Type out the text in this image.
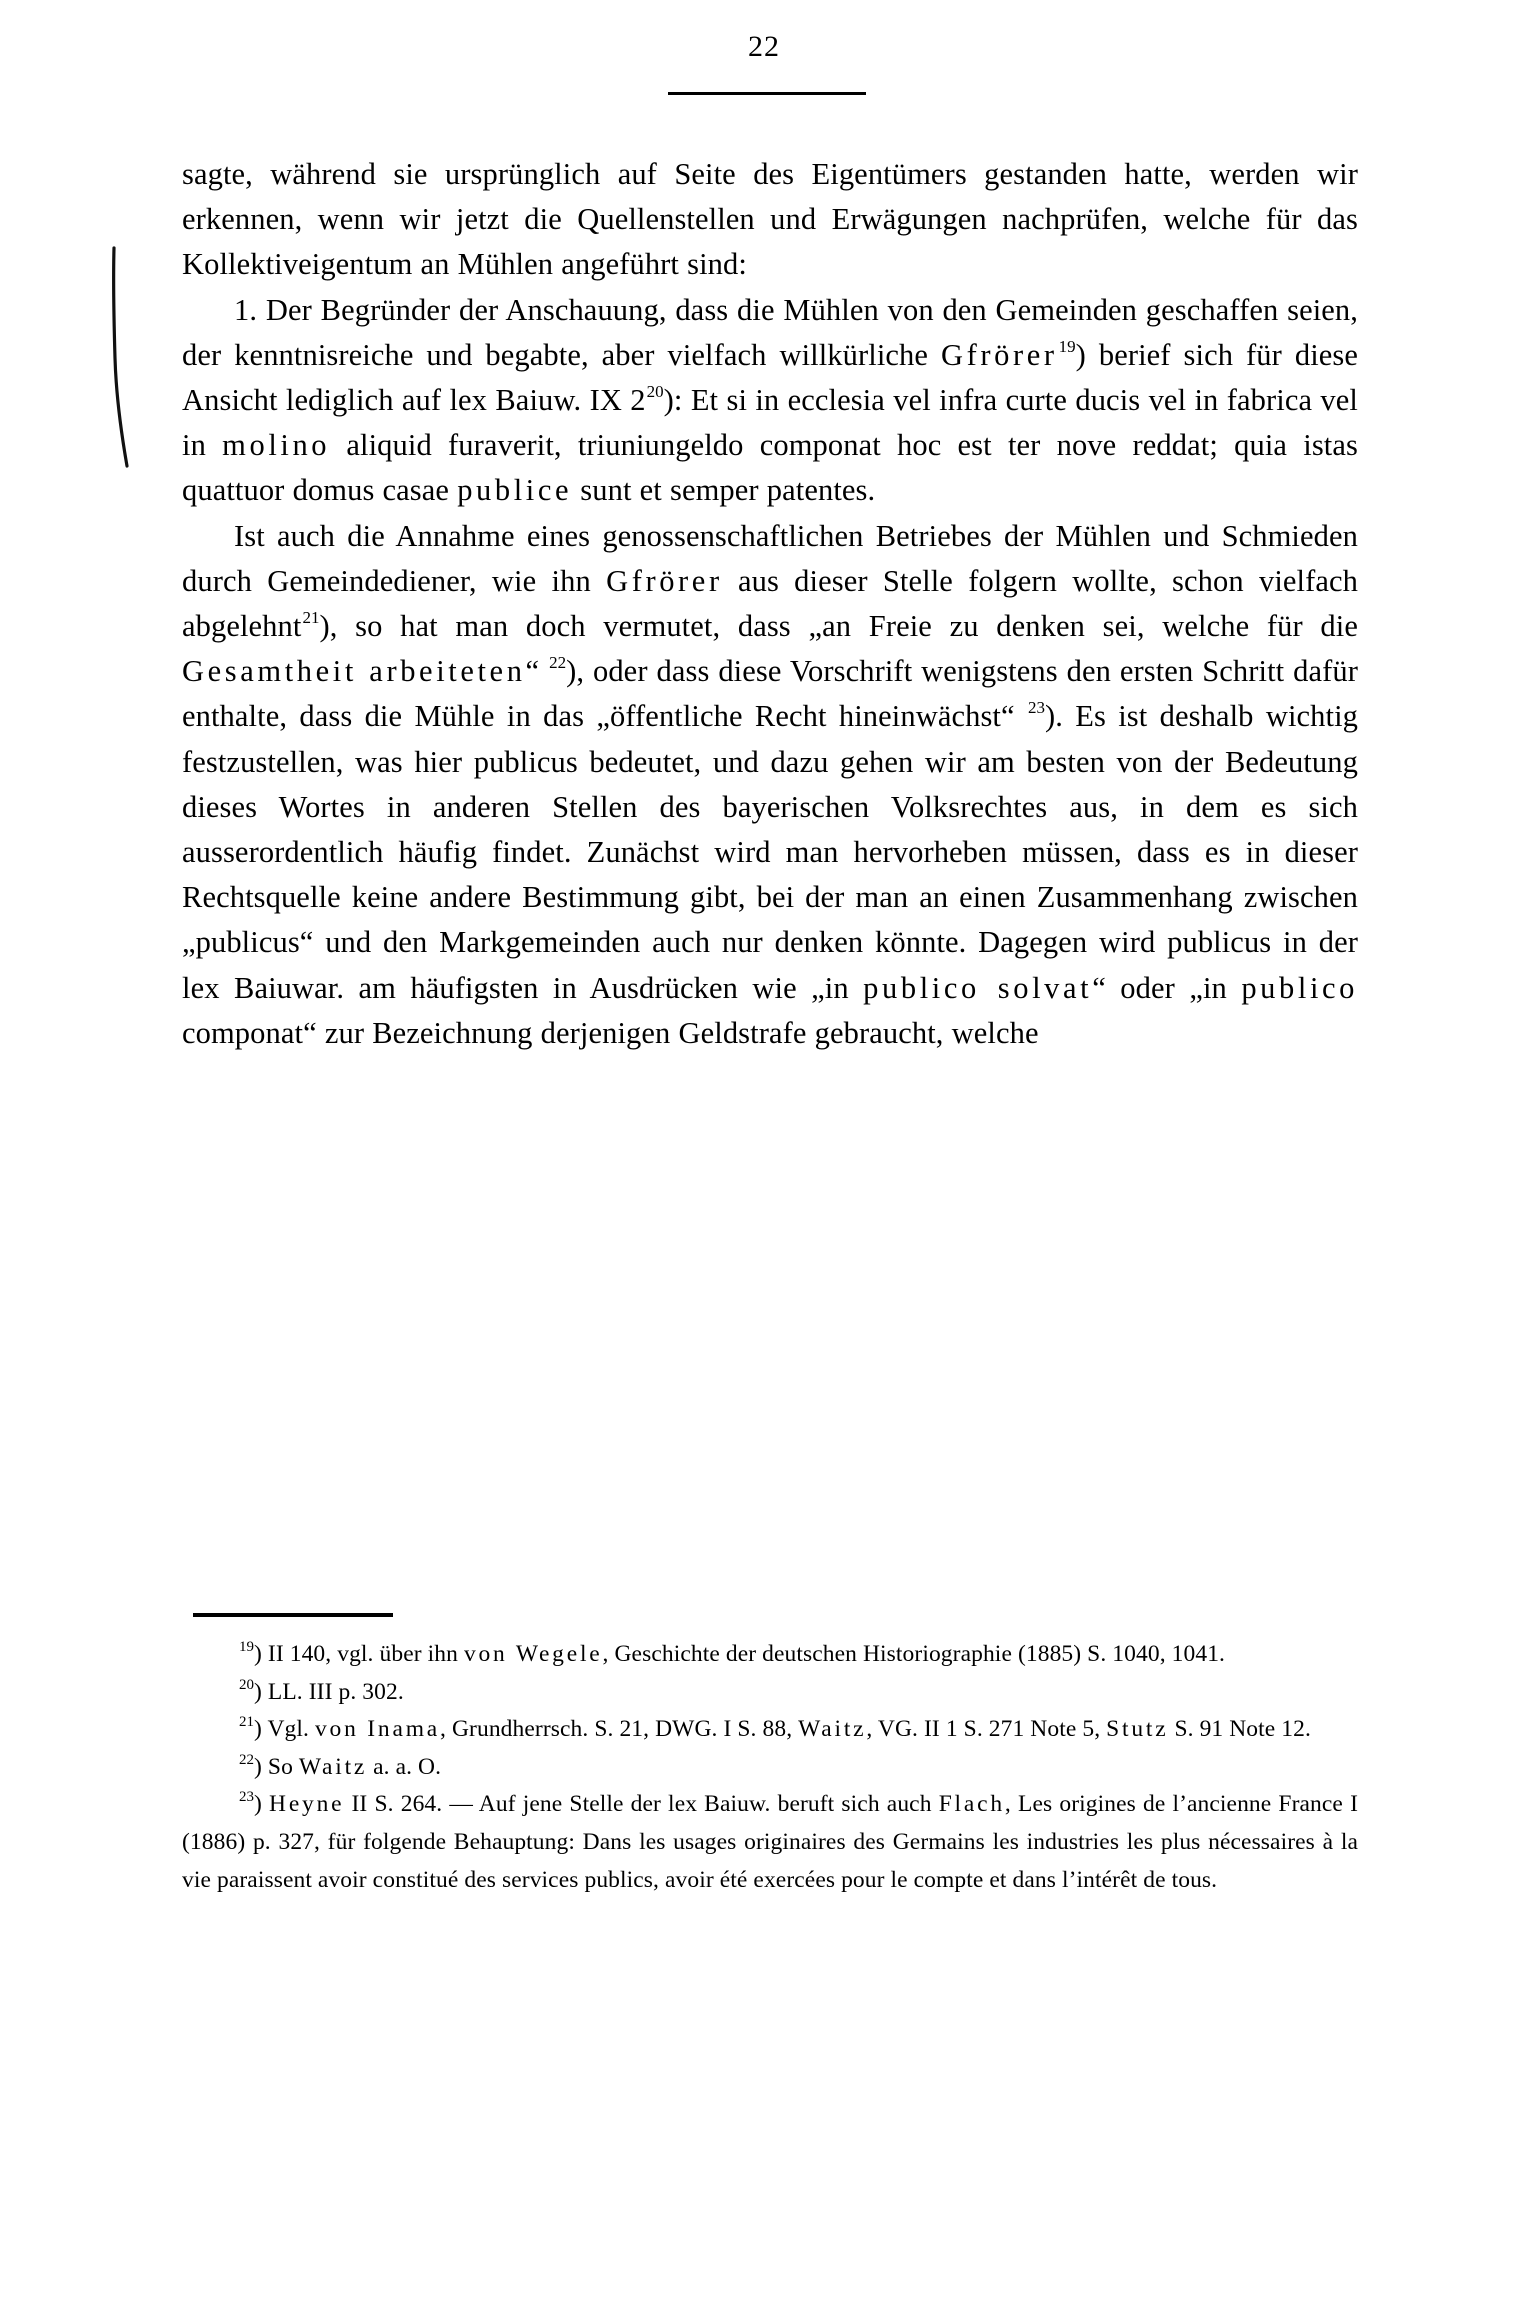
22

sagte, während sie ursprünglich auf Seite des Eigentümers gestanden hatte, werden wir erkennen, wenn wir jetzt die Quellenstellen und Erwägungen nachprüfen, welche für das Kollektiveigentum an Mühlen angeführt sind:

1. Der Begründer der Anschauung, dass die Mühlen von den Gemeinden geschaffen seien, der kenntnisreiche und begabte, aber vielfach willkürliche Gfrörer$^{19}$) berief sich für diese Ansicht lediglich auf lex Baiuw. IX 2$^{20}$): Et si in ecclesia vel infra curte ducis vel in fabrica vel in molino aliquid furaverit, triuniungeldo componat hoc est ter nove reddat; quia istas quattuor domus casae publice sunt et semper patentes.

Ist auch die Annahme eines genossenschaftlichen Betriebes der Mühlen und Schmieden durch Gemeindediener, wie ihn Gfrörer aus dieser Stelle folgern wollte, schon vielfach abgelehnt$^{21}$), so hat man doch vermutet, dass „an Freie zu denken sei, welche für die Gesamtheit arbeiteten“ $^{22}$), oder dass diese Vorschrift wenigstens den ersten Schritt dafür enthalte, dass die Mühle in das „öffentliche Recht hineinwächst“ $^{23}$). Es ist deshalb wichtig festzustellen, was hier publicus bedeutet, und dazu gehen wir am besten von der Bedeutung dieses Wortes in anderen Stellen des bayerischen Volksrechtes aus, in dem es sich ausserordentlich häufig findet. Zunächst wird man hervorheben müssen, dass es in dieser Rechtsquelle keine andere Bestimmung gibt, bei der man an einen Zusammenhang zwischen „publicus“ und den Markgemeinden auch nur denken könnte. Dagegen wird publicus in der lex Baiuwar. am häufigsten in Ausdrücken wie „in publico solvat“ oder „in publico componat“ zur Bezeichnung derjenigen Geldstrafe gebraucht, welche

$^{19}$) II 140, vgl. über ihn von Wegele, Geschichte der deutschen Historiographie (1885) S. 1040, 1041.

$^{20}$) LL. III p. 302.

$^{21}$) Vgl. von Inama, Grundherrsch. S. 21, DWG. I S. 88, Waitz, VG. II 1 S. 271 Note 5, Stutz S. 91 Note 12.

$^{22}$) So Waitz a. a. O.

$^{23}$) Heyne II S. 264. — Auf jene Stelle der lex Baiuw. beruft sich auch Flach, Les origines de l’ancienne France I (1886) p. 327, für folgende Behauptung: Dans les usages originaires des Germains les industries les plus nécessaires à la vie paraissent avoir constitué des services publics, avoir été exercées pour le compte et dans l’intérêt de tous.
